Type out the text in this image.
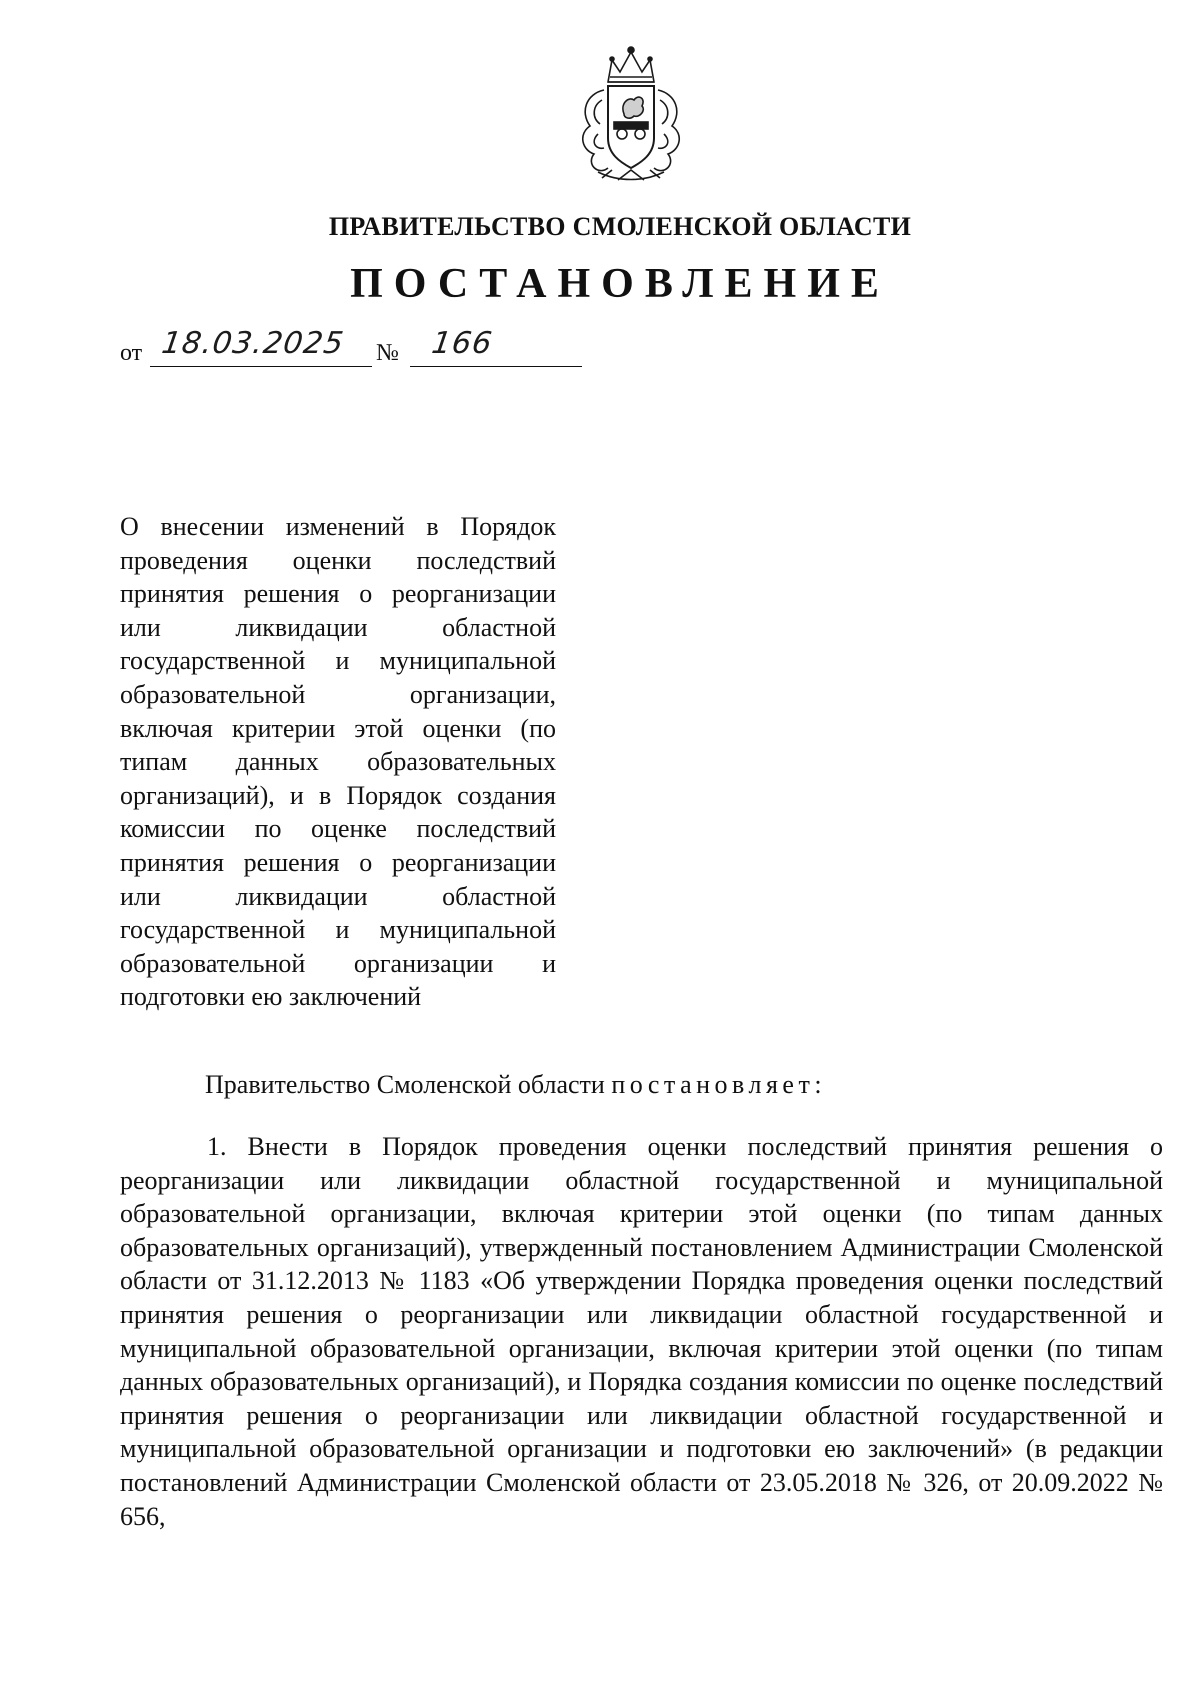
ПРАВИТЕЛЬСТВО СМОЛЕНСКОЙ ОБЛАСТИ
ПОСТАНОВЛЕНИЕ
от 18.03.2025 № 166
О внесении изменений в Порядок проведения оценки последствий принятия решения о реорганизации или ликвидации областной государственной и муниципальной образовательной организации, включая критерии этой оценки (по типам данных образовательных организаций), и в Порядок создания комиссии по оценке последствий принятия решения о реорганизации или ликвидации областной государственной и муниципальной образовательной организации и подготовки ею заключений
Правительство Смоленской области постановляет:
1. Внести в Порядок проведения оценки последствий принятия решения о реорганизации или ликвидации областной государственной и муниципальной образовательной организации, включая критерии этой оценки (по типам данных образовательных организаций), утвержденный постановлением Администрации Смоленской области от 31.12.2013 № 1183 «Об утверждении Порядка проведения оценки последствий принятия решения о реорганизации или ликвидации областной государственной и муниципальной образовательной организации, включая критерии этой оценки (по типам данных образовательных организаций), и Порядка создания комиссии по оценке последствий принятия решения о реорганизации или ликвидации областной государственной и муниципальной образовательной организации и подготовки ею заключений» (в редакции постановлений Администрации Смоленской области от 23.05.2018 № 326, от 20.09.2022 № 656,
